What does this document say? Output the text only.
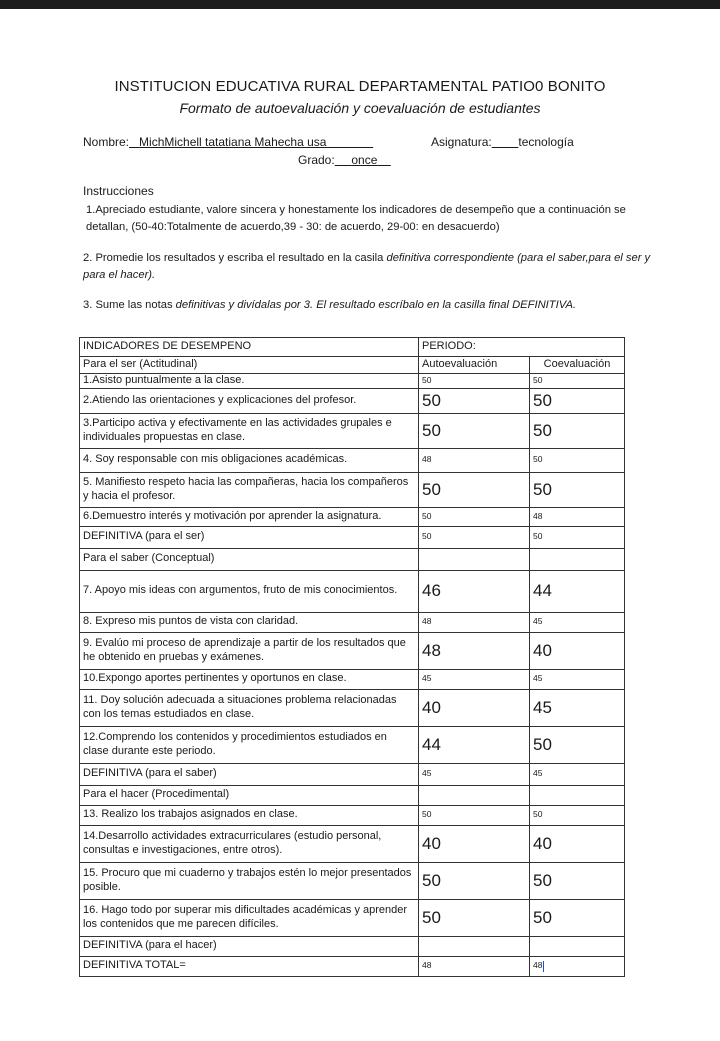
INSTITUCION EDUCATIVA RURAL DEPARTAMENTAL PATIO0 BONITO
Formato de autoevaluación y coevaluación de estudiantes
Nombre: MichMichell tatatiana Mahecha usa	Asignatura: tecnología
Grado: once
Instrucciones
1.Apreciado estudiante, valore sincera y honestamente los indicadores de desempeño que a continuación se detallan, (50-40:Totalmente de acuerdo,39 - 30: de acuerdo, 29-00: en desacuerdo)
2. Promedie los resultados y escriba el resultado en la casila definitiva correspondiente (para el saber,para el ser y para el hacer).
3. Sume las notas definitivas y divídalas por 3. El resultado escríbalo en la casilla final DEFINITIVA.
INDICADORES DE DESEMPENO	PERIODO:	
Para el ser (Actitudinal)	Autoevaluación	Coevaluación
1.Asisto puntualmente a la clase.	50	50
2.Atiendo las orientaciones y explicaciones del profesor.	50	50
3.Participo activa y efectivamente en las actividades grupales e individuales propuestas en clase.	50	50
4. Soy responsable con mis obligaciones académicas.	48	50
5. Manifiesto respeto hacia las compañeras, hacia los compañeros y hacia el profesor.	50	50
6.Demuestro interés y motivación por aprender la asignatura.	50	48
DEFINITIVA (para el ser)	50	50
Para el saber (Conceptual)		
7. Apoyo mis ideas con argumentos, fruto de mis conocimientos.	46	44
8. Expreso mis puntos de vista con claridad.	48	45
9. Evalúo mi proceso de aprendizaje a partir de los resultados que he obtenido en pruebas y exámenes.	48	40
10.Expongo aportes pertinentes y oportunos en clase.	45	45
11. Doy solución adecuada a situaciones problema relacionadas con los temas estudiados en clase.	40	45
12.Comprendo los contenidos y procedimientos estudiados en clase durante este periodo.	44	50
DEFINITIVA (para el saber)	45	45
Para el hacer (Procedimental)		
13. Realizo los trabajos asignados en clase.	50	50
14.Desarrollo actividades extracurriculares (estudio personal, consultas e investigaciones, entre otros).	40	40
15. Procuro que mi cuaderno y trabajos estén lo mejor presentados posible.	50	50
16. Hago todo por superar mis dificultades académicas y aprender los contenidos que me parecen difíciles.	50	50
DEFINITIVA (para el hacer)		
DEFINITIVA TOTAL=	48	48
